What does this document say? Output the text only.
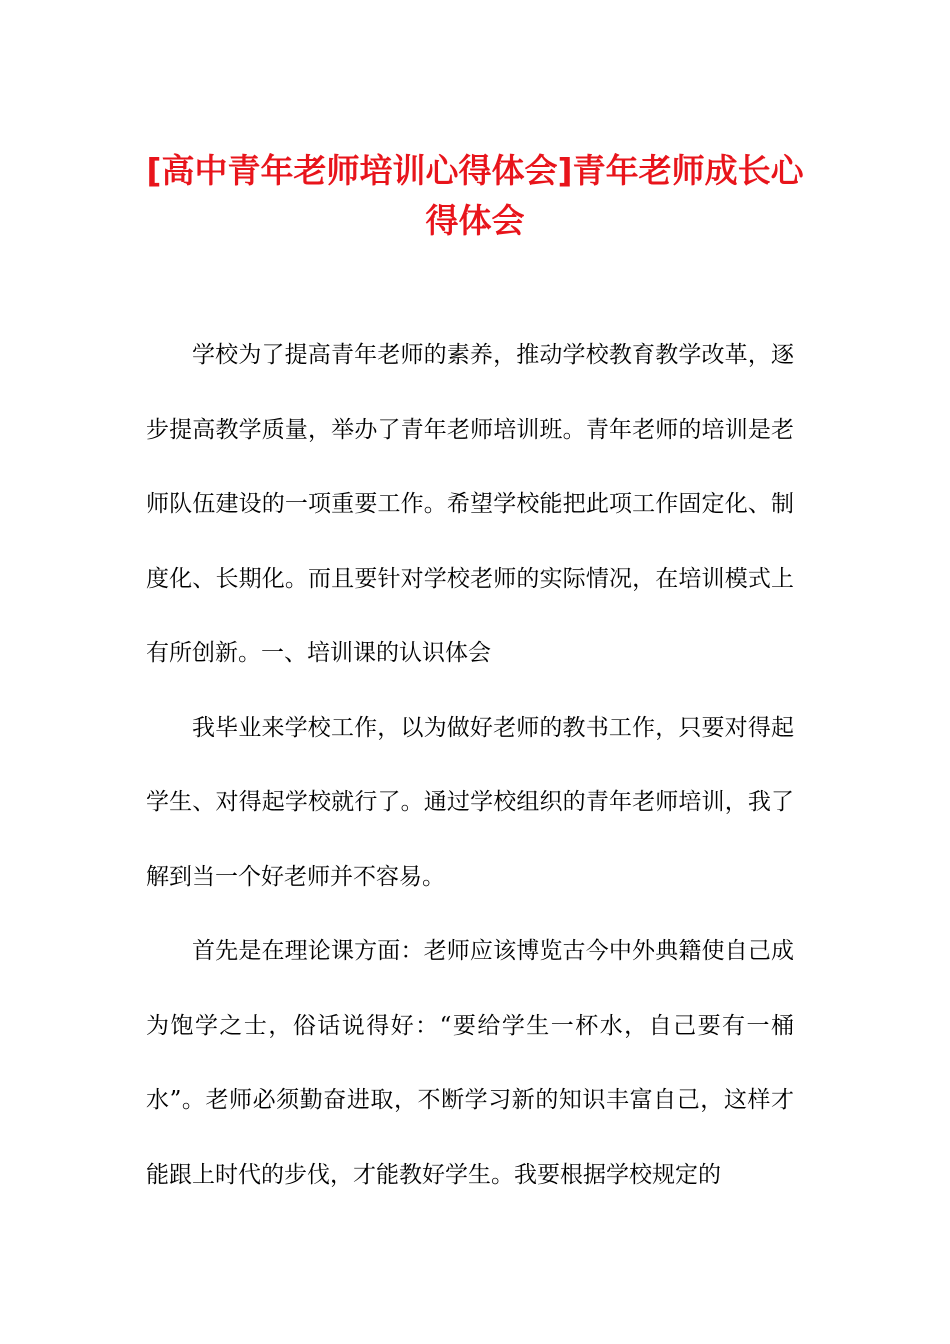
[高中青年老师培训心得体会]青年老师成长心得体会

学校为了提高青年老师的素养，推动学校教育教学改革，逐步提高教学质量，举办了青年老师培训班。青年老师的培训是老师队伍建设的一项重要工作。希望学校能把此项工作固定化、制度化、长期化。而且要针对学校老师的实际情况，在培训模式上有所创新。一、培训课的认识体会

我毕业来学校工作，以为做好老师的教书工作，只要对得起学生、对得起学校就行了。通过学校组织的青年老师培训，我了解到当一个好老师并不容易。

首先是在理论课方面：老师应该博览古今中外典籍使自己成为饱学之士，俗话说得好：“要给学生一杯水，自己要有一桶水”。老师必须勤奋进取，不断学习新的知识丰富自己，这样才能跟上时代的步伐，才能教好学生。我要根据学校规定的
